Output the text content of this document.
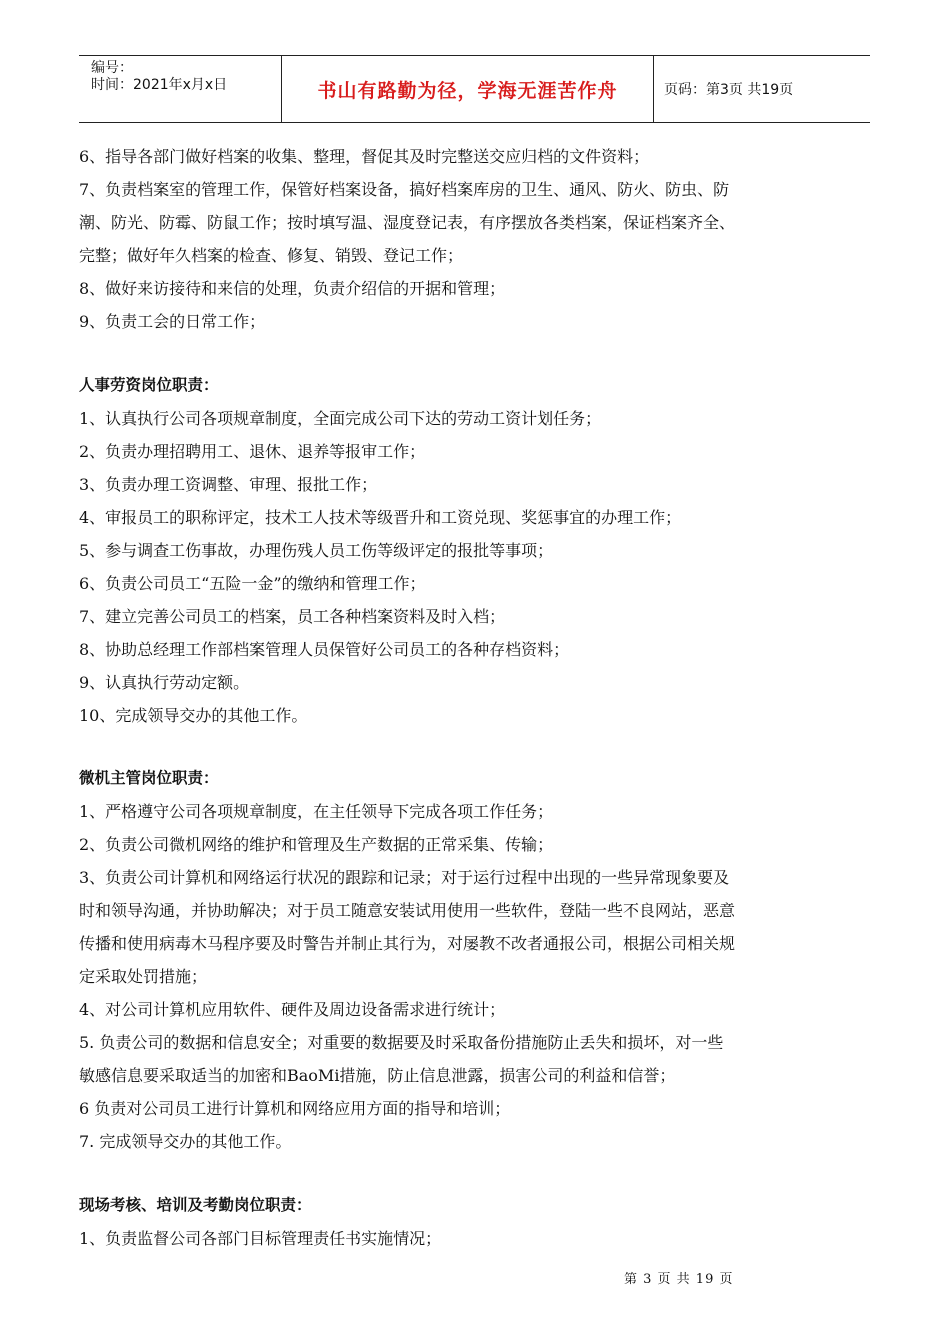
编号：
时间：2021年x月x日	书山有路勤为径，学海无涯苦作舟	页码：第3页 共19页
6、指导各部门做好档案的收集、整理，督促其及时完整送交应归档的文件资料；
7、负责档案室的管理工作，保管好档案设备，搞好档案库房的卫生、通风、防火、防虫、防
潮、防光、防霉、防鼠工作；按时填写温、湿度登记表，有序摆放各类档案，保证档案齐全、
完整；做好年久档案的检查、修复、销毁、登记工作；
8、做好来访接待和来信的处理，负责介绍信的开据和管理；
9、负责工会的日常工作；
人事劳资岗位职责：
1、认真执行公司各项规章制度，全面完成公司下达的劳动工资计划任务；
2、负责办理招聘用工、退休、退养等报审工作；
3、负责办理工资调整、审理、报批工作；
4、审报员工的职称评定，技术工人技术等级晋升和工资兑现、奖惩事宜的办理工作；
5、参与调查工伤事故，办理伤残人员工伤等级评定的报批等事项；
6、负责公司员工“五险一金”的缴纳和管理工作；
7、建立完善公司员工的档案，员工各种档案资料及时入档；
8、协助总经理工作部档案管理人员保管好公司员工的各种存档资料；
9、认真执行劳动定额。
10、完成领导交办的其他工作。
微机主管岗位职责：
1、严格遵守公司各项规章制度，在主任领导下完成各项工作任务；
2、负责公司微机网络的维护和管理及生产数据的正常采集、传输；
3、负责公司计算机和网络运行状况的跟踪和记录；对于运行过程中出现的一些异常现象要及
时和领导沟通，并协助解决；对于员工随意安装试用使用一些软件，登陆一些不良网站，恶意
传播和使用病毒木马程序要及时警告并制止其行为，对屡教不改者通报公司，根据公司相关规
定采取处罚措施；
4、对公司计算机应用软件、硬件及周边设备需求进行统计；
5. 负责公司的数据和信息安全；对重要的数据要及时采取备份措施防止丢失和损坏，对一些
敏感信息要采取适当的加密和BaoMi措施，防止信息泄露，损害公司的利益和信誉；
6 负责对公司员工进行计算机和网络应用方面的指导和培训；
7. 完成领导交办的其他工作。
现场考核、培训及考勤岗位职责：
1、负责监督公司各部门目标管理责任书实施情况；
第 3 页 共 19 页
